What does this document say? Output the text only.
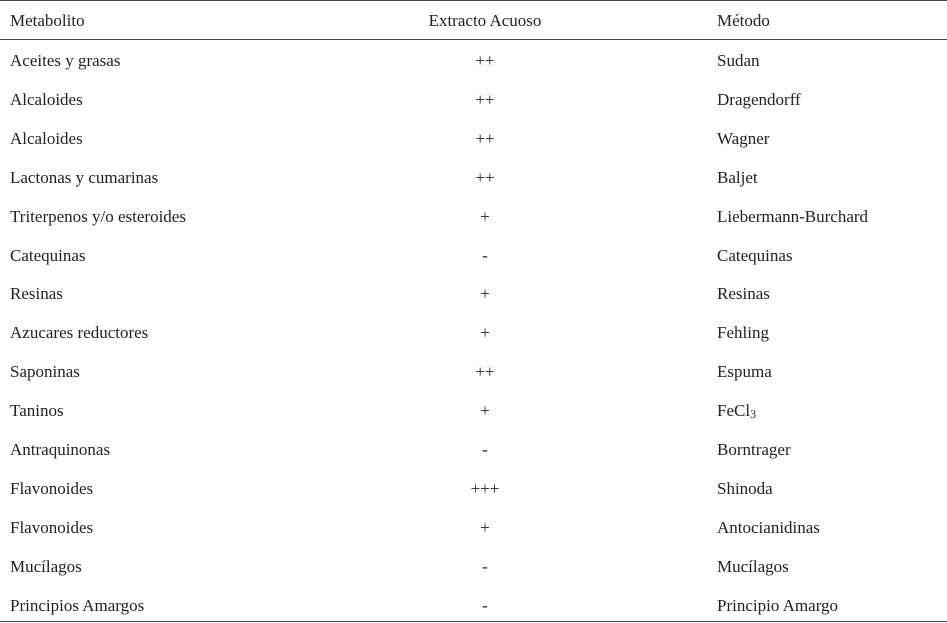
Metabolito	Extracto Acuoso	Método
Aceites y grasas	++	Sudan
Alcaloides	++	Dragendorff
Alcaloides	++	Wagner
Lactonas y cumarinas	++	Baljet
Triterpenos y/o esteroides	+	Liebermann-Burchard
Catequinas	-	Catequinas
Resinas	+	Resinas
Azucares reductores	+	Fehling
Saponinas	++	Espuma
Taninos	+	FeCl$_3$
Antraquinonas	-	Borntrager
Flavonoides	+++	Shinoda
Flavonoides	+	Antocianidinas
Mucílagos	-	Mucílagos
Principios Amargos	-	Principio Amargo
